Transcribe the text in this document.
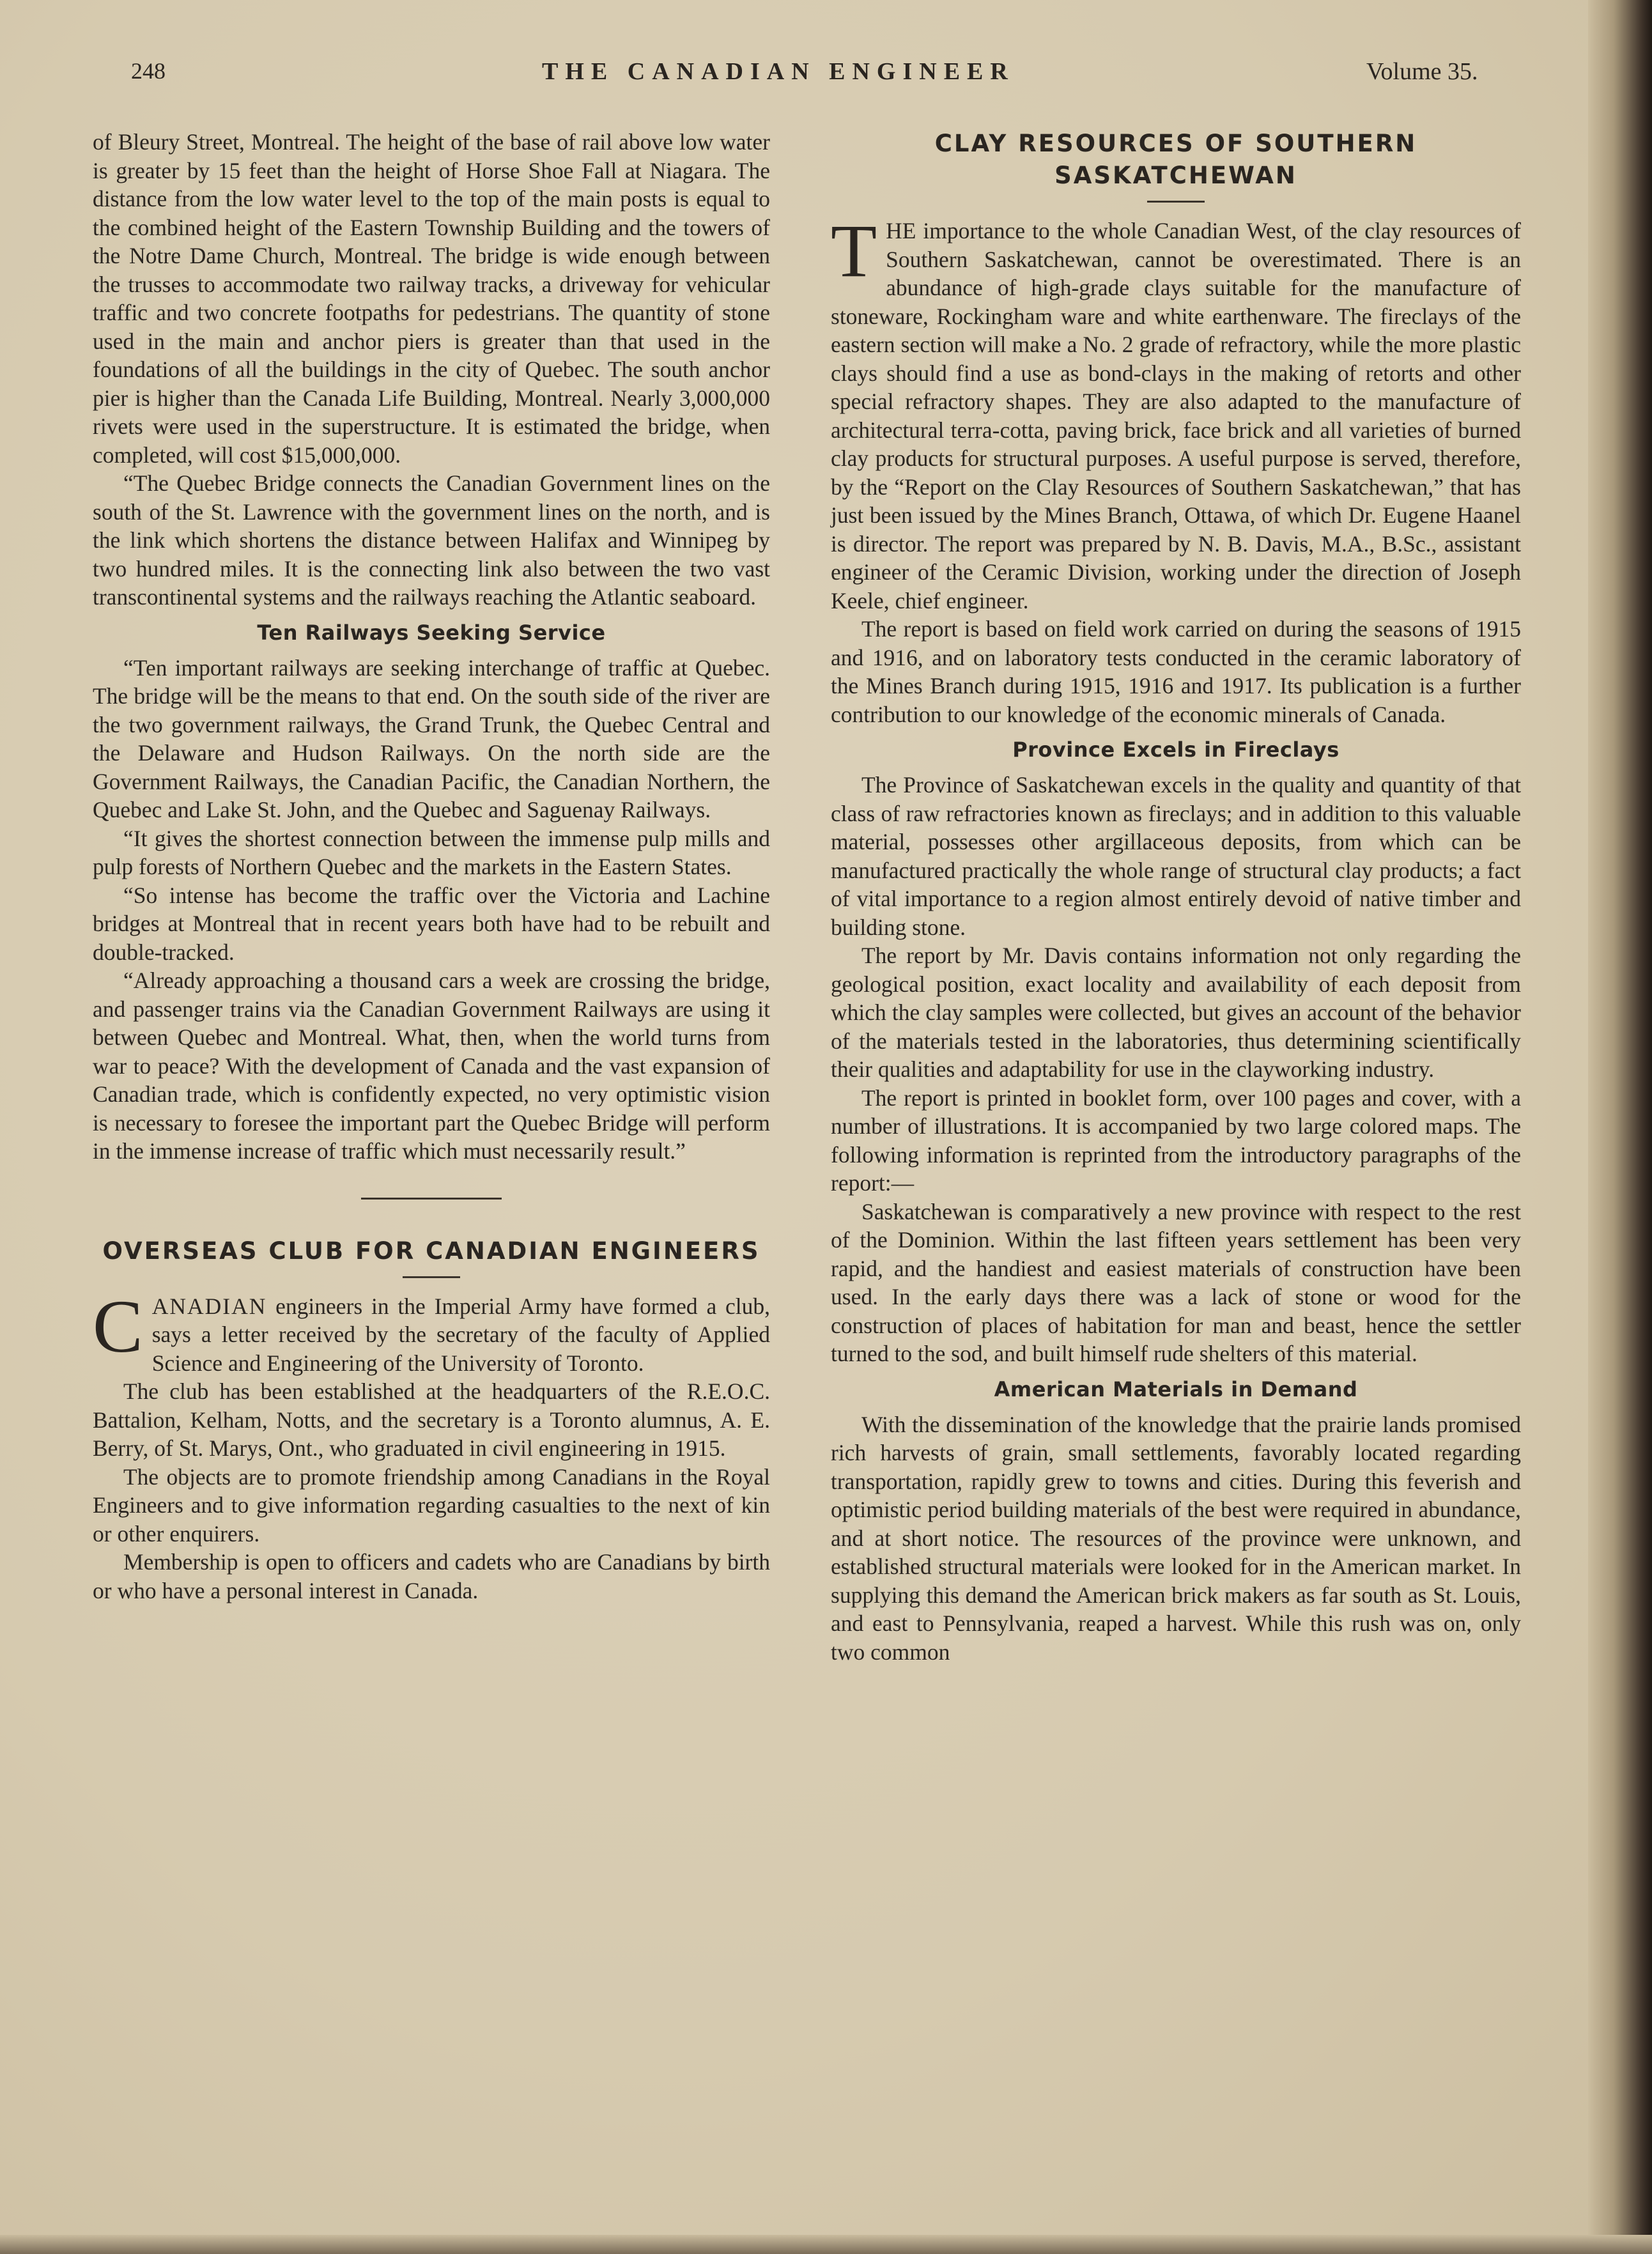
248	THE CANADIAN ENGINEER	Volume 35.

of Bleury Street, Montreal. The height of the base of rail above low water is greater by 15 feet than the height of Horse Shoe Fall at Niagara. The distance from the low water level to the top of the main posts is equal to the combined height of the Eastern Township Building and the towers of the Notre Dame Church, Montreal. The bridge is wide enough between the trusses to accommodate two railway tracks, a driveway for vehicular traffic and two concrete footpaths for pedestrians. The quantity of stone used in the main and anchor piers is greater than that used in the foundations of all the buildings in the city of Quebec. The south anchor pier is higher than the Canada Life Building, Montreal. Nearly 3,000,000 rivets were used in the superstructure. It is estimated the bridge, when completed, will cost $15,000,000.

“The Quebec Bridge connects the Canadian Government lines on the south of the St. Lawrence with the government lines on the north, and is the link which shortens the distance between Halifax and Winnipeg by two hundred miles. It is the connecting link also between the two vast transcontinental systems and the railways reaching the Atlantic seaboard.

Ten Railways Seeking Service

“Ten important railways are seeking interchange of traffic at Quebec. The bridge will be the means to that end. On the south side of the river are the two government railways, the Grand Trunk, the Quebec Central and the Delaware and Hudson Railways. On the north side are the Government Railways, the Canadian Pacific, the Canadian Northern, the Quebec and Lake St. John, and the Quebec and Saguenay Railways.

“It gives the shortest connection between the immense pulp mills and pulp forests of Northern Quebec and the markets in the Eastern States.

“So intense has become the traffic over the Victoria and Lachine bridges at Montreal that in recent years both have had to be rebuilt and double-tracked.

“Already approaching a thousand cars a week are crossing the bridge, and passenger trains via the Canadian Government Railways are using it between Quebec and Montreal. What, then, when the world turns from war to peace? With the development of Canada and the vast expansion of Canadian trade, which is confidently expected, no very optimistic vision is necessary to foresee the important part the Quebec Bridge will perform in the immense increase of traffic which must necessarily result.”

OVERSEAS CLUB FOR CANADIAN ENGINEERS

CANADIAN engineers in the Imperial Army have formed a club, says a letter received by the secretary of the faculty of Applied Science and Engineering of the University of Toronto.

The club has been established at the headquarters of the R.E.O.C. Battalion, Kelham, Notts, and the secretary is a Toronto alumnus, A. E. Berry, of St. Marys, Ont., who graduated in civil engineering in 1915.

The objects are to promote friendship among Canadians in the Royal Engineers and to give information regarding casualties to the next of kin or other enquirers.

Membership is open to officers and cadets who are Canadians by birth or who have a personal interest in Canada.

CLAY RESOURCES OF SOUTHERN
SASKATCHEWAN

THE importance to the whole Canadian West, of the clay resources of Southern Saskatchewan, cannot be overestimated. There is an abundance of high-grade clays suitable for the manufacture of stoneware, Rockingham ware and white earthenware. The fireclays of the eastern section will make a No. 2 grade of refractory, while the more plastic clays should find a use as bond-clays in the making of retorts and other special refractory shapes. They are also adapted to the manufacture of architectural terra-cotta, paving brick, face brick and all varieties of burned clay products for structural purposes. A useful purpose is served, therefore, by the “Report on the Clay Resources of Southern Saskatchewan,” that has just been issued by the Mines Branch, Ottawa, of which Dr. Eugene Haanel is director. The report was prepared by N. B. Davis, M.A., B.Sc., assistant engineer of the Ceramic Division, working under the direction of Joseph Keele, chief engineer.

The report is based on field work carried on during the seasons of 1915 and 1916, and on laboratory tests conducted in the ceramic laboratory of the Mines Branch during 1915, 1916 and 1917. Its publication is a further contribution to our knowledge of the economic minerals of Canada.

Province Excels in Fireclays

The Province of Saskatchewan excels in the quality and quantity of that class of raw refractories known as fireclays; and in addition to this valuable material, possesses other argillaceous deposits, from which can be manufactured practically the whole range of structural clay products; a fact of vital importance to a region almost entirely devoid of native timber and building stone.

The report by Mr. Davis contains information not only regarding the geological position, exact locality and availability of each deposit from which the clay samples were collected, but gives an account of the behavior of the materials tested in the laboratories, thus determining scientifically their qualities and adaptability for use in the clayworking industry.

The report is printed in booklet form, over 100 pages and cover, with a number of illustrations. It is accompanied by two large colored maps. The following information is reprinted from the introductory paragraphs of the report:—

Saskatchewan is comparatively a new province with respect to the rest of the Dominion. Within the last fifteen years settlement has been very rapid, and the handiest and easiest materials of construction have been used. In the early days there was a lack of stone or wood for the construction of places of habitation for man and beast, hence the settler turned to the sod, and built himself rude shelters of this material.

American Materials in Demand

With the dissemination of the knowledge that the prairie lands promised rich harvests of grain, small settlements, favorably located regarding transportation, rapidly grew to towns and cities. During this feverish and optimistic period building materials of the best were required in abundance, and at short notice. The resources of the province were unknown, and established structural materials were looked for in the American market. In supplying this demand the American brick makers as far south as St. Louis, and east to Pennsylvania, reaped a harvest. While this rush was on, only two common
